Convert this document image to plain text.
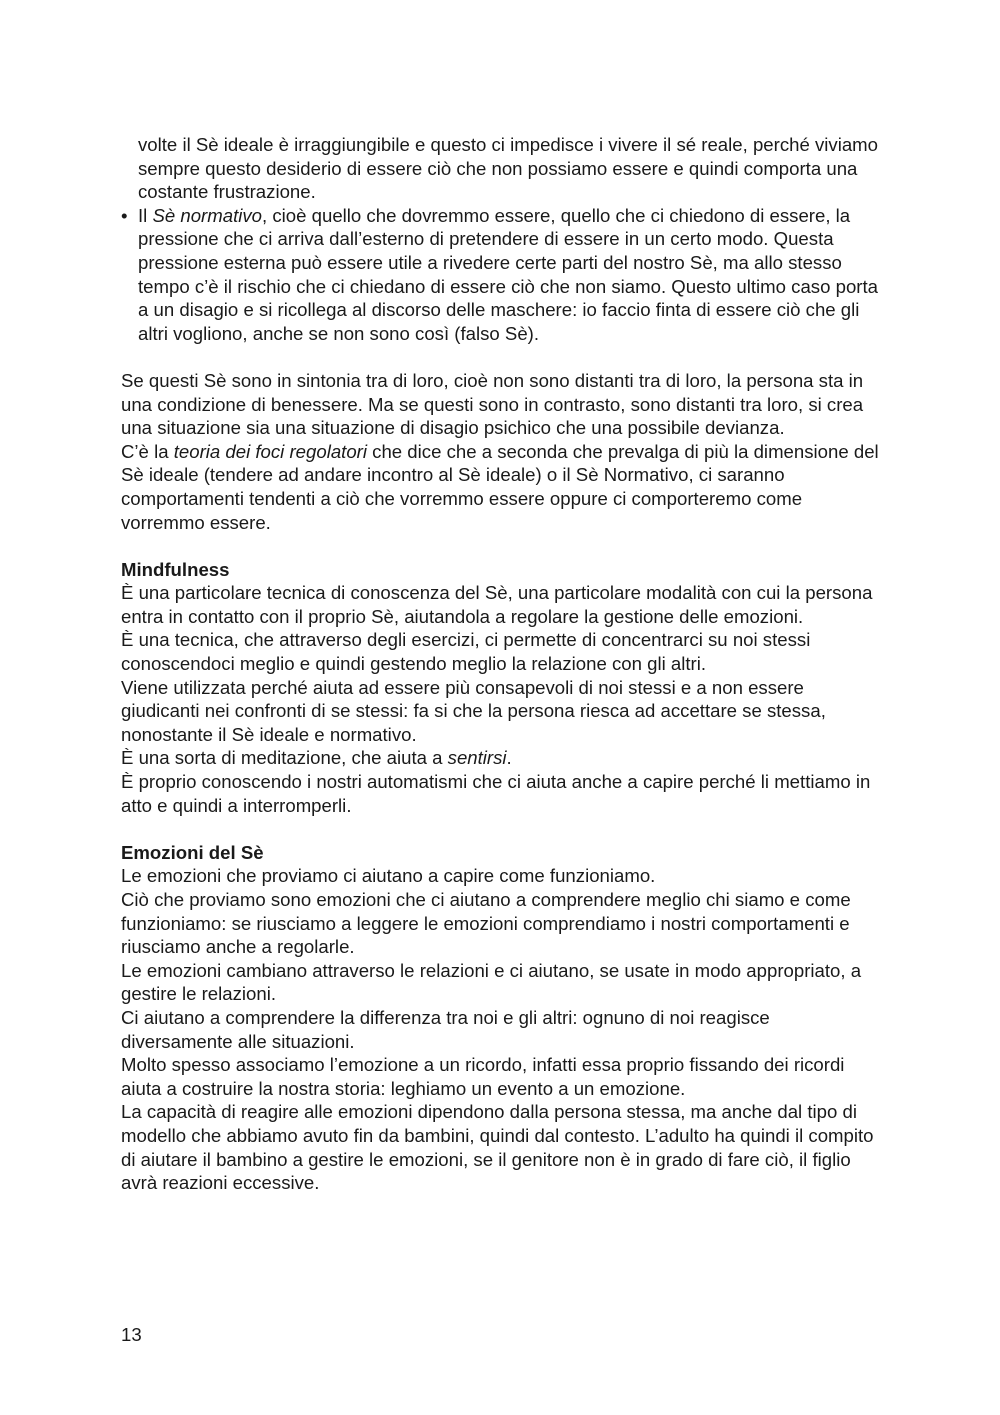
volte il Sè ideale è irraggiungibile e questo ci impedisce i vivere il sé reale, perché viviamo sempre questo desiderio di essere ciò che non possiamo essere e quindi comporta una costante frustrazione.

• Il Sè normativo, cioè quello che dovremmo essere, quello che ci chiedono di essere, la pressione che ci arriva dall’esterno di pretendere di essere in un certo modo. Questa pressione esterna può essere utile a rivedere certe parti del nostro Sè, ma allo stesso tempo c’è il rischio che ci chiedano di essere ciò che non siamo. Questo ultimo caso porta a un disagio e si ricollega al discorso delle maschere: io faccio finta di essere ciò che gli altri vogliono, anche se non sono così (falso Sè).

Se questi Sè sono in sintonia tra di loro, cioè non sono distanti tra di loro, la persona sta in una condizione di benessere. Ma se questi sono in contrasto, sono distanti tra loro, si crea una situazione sia una situazione di disagio psichico che una possibile devianza.

C’è la teoria dei foci regolatori che dice che a seconda che prevalga di più la dimensione del Sè ideale (tendere ad andare incontro al Sè ideale) o il Sè Normativo, ci saranno comportamenti tendenti a ciò che vorremmo essere oppure ci comporteremo come vorremmo essere.

Mindfulness

È una particolare tecnica di conoscenza del Sè, una particolare modalità con cui la persona entra in contatto con il proprio Sè, aiutandola a regolare la gestione delle emozioni.

È una tecnica, che attraverso degli esercizi, ci permette di concentrarci su noi stessi conoscendoci meglio e quindi gestendo meglio la relazione con gli altri.

Viene utilizzata perché aiuta ad essere più consapevoli di noi stessi e a non essere giudicanti nei confronti di se stessi: fa si che la persona riesca ad accettare se stessa, nonostante il Sè ideale e normativo.

È una sorta di meditazione, che aiuta a sentirsi.

È proprio conoscendo i nostri automatismi che ci aiuta anche a capire perché li mettiamo in atto e quindi a interromperli.

Emozioni del Sè

Le emozioni che proviamo ci aiutano a capire come funzioniamo.

Ciò che proviamo sono emozioni che ci aiutano a comprendere meglio chi siamo e come funzioniamo: se riusciamo a leggere le emozioni comprendiamo i nostri comportamenti e riusciamo anche a regolarle.

Le emozioni cambiano attraverso le relazioni e ci aiutano, se usate in modo appropriato, a gestire le relazioni.

Ci aiutano a comprendere la differenza tra noi e gli altri: ognuno di noi reagisce diversamente alle situazioni.

Molto spesso associamo l’emozione a un ricordo, infatti essa proprio fissando dei ricordi aiuta a costruire la nostra storia: leghiamo un evento a un emozione.

La capacità di reagire alle emozioni dipendono dalla persona stessa, ma anche dal tipo di modello che abbiamo avuto fin da bambini, quindi dal contesto. L’adulto ha quindi il compito di aiutare il bambino a gestire le emozioni, se il genitore non è in grado di fare ciò, il figlio avrà reazioni eccessive.

13
